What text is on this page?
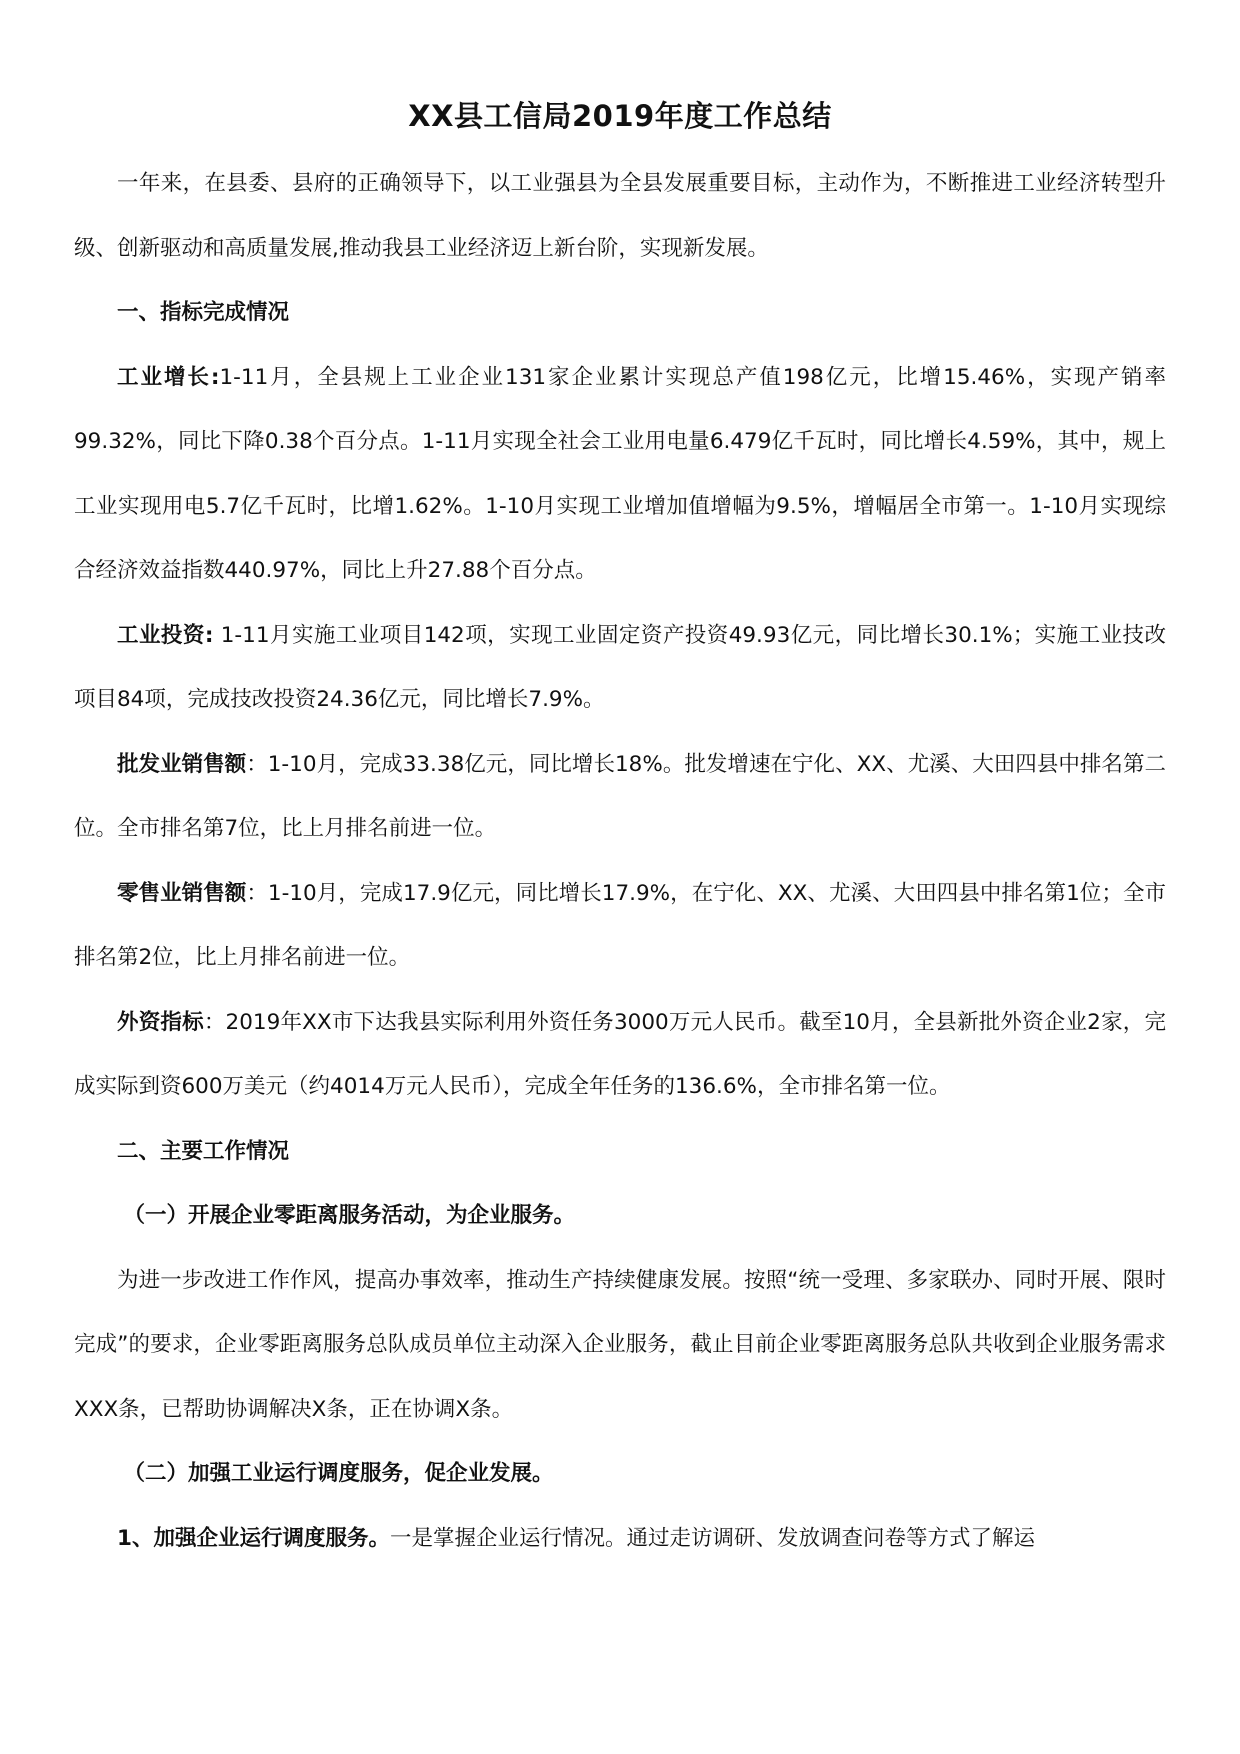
XX县工信局2019年度工作总结

一年来，在县委、县府的正确领导下，以工业强县为全县发展重要目标，主动作为，不断推进工业经济转型升级、创新驱动和高质量发展,推动我县工业经济迈上新台阶，实现新发展。

一、指标完成情况

工业增长:1-11月，全县规上工业企业131家企业累计实现总产值198亿元，比增15.46%，实现产销率99.32%，同比下降0.38个百分点。1-11月实现全社会工业用电量6.479亿千瓦时，同比增长4.59%，其中，规上工业实现用电5.7亿千瓦时，比增1.62%。1-10月实现工业增加值增幅为9.5%，增幅居全市第一。1-10月实现综合经济效益指数440.97%，同比上升27.88个百分点。

工业投资: 1-11月实施工业项目142项，实现工业固定资产投资49.93亿元，同比增长30.1%；实施工业技改项目84项，完成技改投资24.36亿元，同比增长7.9%。

批发业销售额：1-10月，完成33.38亿元，同比增长18%。批发增速在宁化、XX、尤溪、大田四县中排名第二位。全市排名第7位，比上月排名前进一位。

零售业销售额：1-10月，完成17.9亿元，同比增长17.9%，在宁化、XX、尤溪、大田四县中排名第1位；全市排名第2位，比上月排名前进一位。

外资指标：2019年XX市下达我县实际利用外资任务3000万元人民币。截至10月，全县新批外资企业2家，完成实际到资600万美元（约4014万元人民币），完成全年任务的136.6%，全市排名第一位。

二、主要工作情况

（一）开展企业零距离服务活动，为企业服务。

为进一步改进工作作风，提高办事效率，推动生产持续健康发展。按照“统一受理、多家联办、同时开展、限时完成”的要求，企业零距离服务总队成员单位主动深入企业服务，截止目前企业零距离服务总队共收到企业服务需求XXX条，已帮助协调解决X条，正在协调X条。

（二）加强工业运行调度服务，促企业发展。

1、加强企业运行调度服务。一是掌握企业运行情况。通过走访调研、发放调查问卷等方式了解运
